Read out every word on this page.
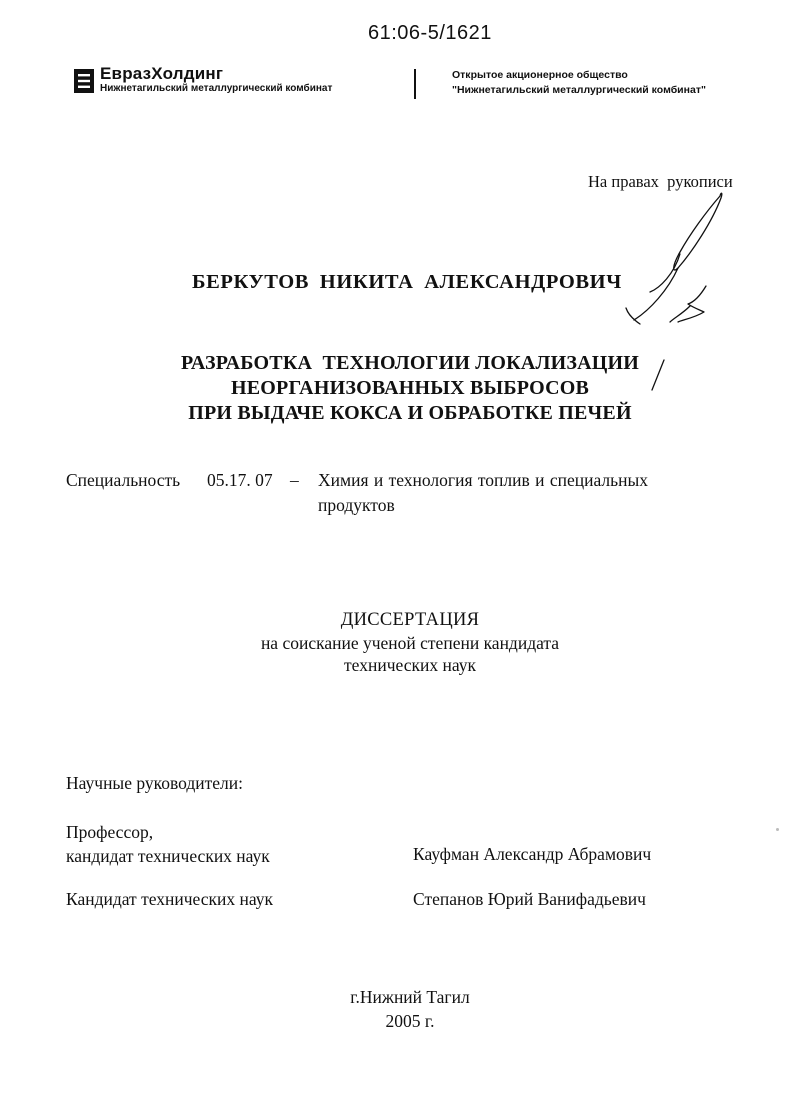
61:06-5/1621
ЕвразХолдинг
Нижнетагильский металлургический комбинат
Открытое акционерное общество
"Нижнетагильский металлургический комбинат"
На правах  рукописи
БЕРКУТОВ НИКИТА АЛЕКСАНДРОВИЧ
РАЗРАБОТКА  ТЕХНОЛОГИИ ЛОКАЛИЗАЦИИ
НЕОРГАНИЗОВАННЫХ ВЫБРОСОВ
ПРИ ВЫДАЧЕ КОКСА И ОБРАБОТКЕ ПЕЧЕЙ
Специальность 05.17. 07 – Химия и технология топлив и специальных
продуктов
ДИССЕРТАЦИЯ
на соискание ученой степени кандидата
технических наук
Научные руководители:
Профессор,
кандидат технических наук	Кауфман Александр Абрамович
Кандидат технических наук	Степанов Юрий Ванифадьевич
г.Нижний Тагил
2005 г.
